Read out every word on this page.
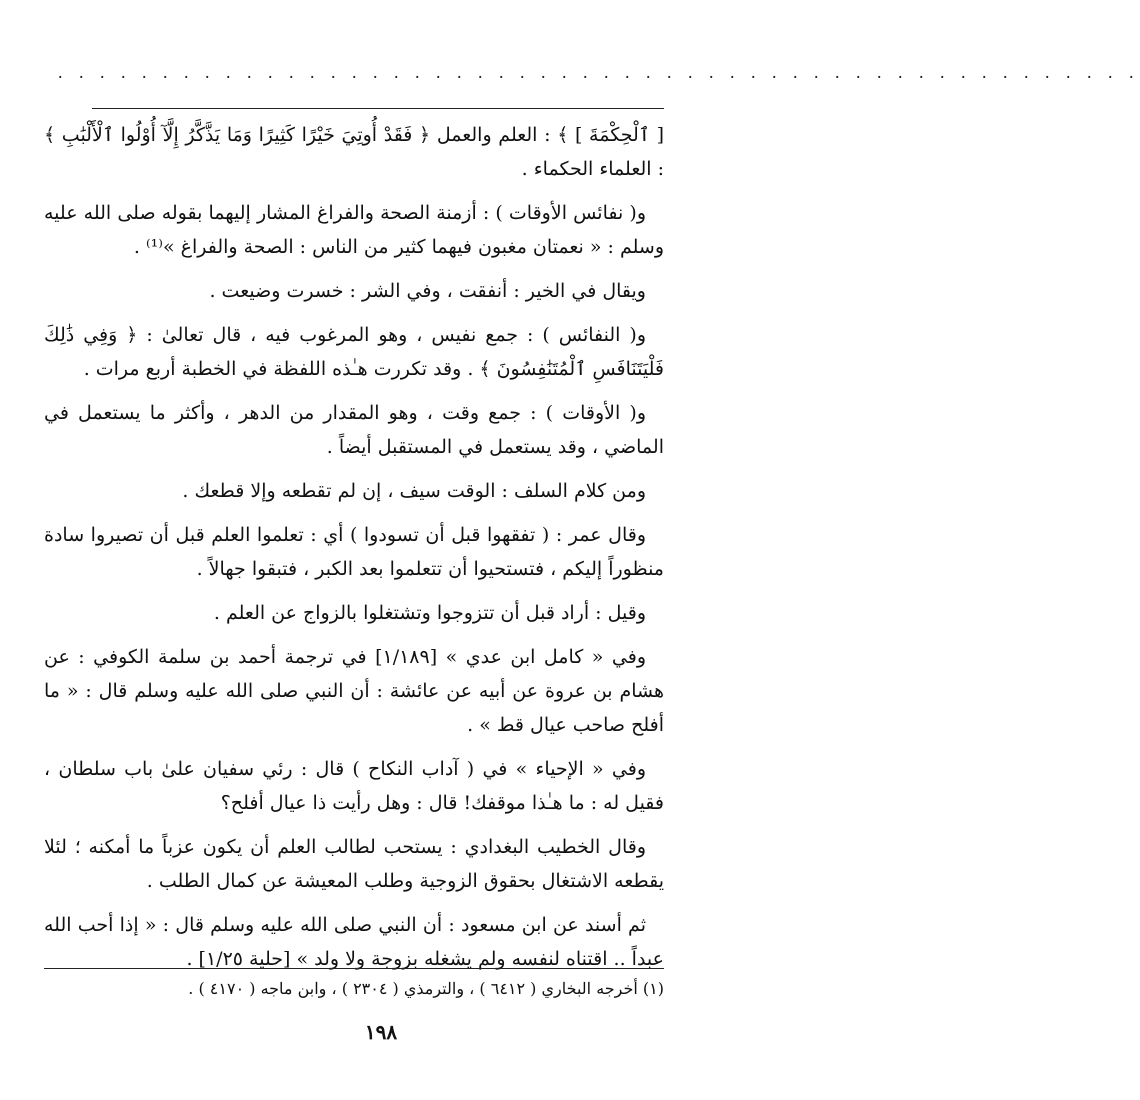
. . . . . . . . . . . . . . . . . . . . . . . . . . . . . . . . . . . . . . . . . . . . . . . . . . . .

[ ٱلْحِكْمَةَ ] ﴾ : العلم والعمل ﴿ فَقَدْ أُوتِيَ خَيْرًا كَثِيرًا وَمَا يَذَّكَّرُ إِلَّآ أُوْلُوا ٱلْأَلْبَٰبِ ﴾ : العلماء الحكماء .

و( نفائس الأوقات ) : أزمنة الصحة والفراغ المشار إليهما بقوله صلى الله عليه وسلم : « نعمتان مغبون فيهما كثير من الناس : الصحة والفراغ »⁽¹⁾ .

ويقال في الخير : أنفقت ، وفي الشر : خسرت وضيعت .

و( النفائس ) : جمع نفيس ، وهو المرغوب فيه ، قال تعالىٰ : ﴿ وَفِي ذَٰلِكَ فَلْيَتَنَافَسِ ٱلْمُتَنَٰفِسُونَ ﴾ . وقد تكررت هـٰذه اللفظة في الخطبة أربع مرات .

و( الأوقات ) : جمع وقت ، وهو المقدار من الدهر ، وأكثر ما يستعمل في الماضي ، وقد يستعمل في المستقبل أيضاً .

ومن كلام السلف : الوقت سيف ، إن لم تقطعه وإلا قطعك .

وقال عمر : ( تفقهوا قبل أن تسودوا ) أي : تعلموا العلم قبل أن تصيروا سادة منظوراً إليكم ، فتستحيوا أن تتعلموا بعد الكبر ، فتبقوا جهالاً .

وقيل : أراد قبل أن تتزوجوا وتشتغلوا بالزواج عن العلم .

وفي « كامل ابن عدي » [١/١٨٩] في ترجمة أحمد بن سلمة الكوفي : عن هشام بن عروة عن أبيه عن عائشة : أن النبي صلى الله عليه وسلم قال : « ما أفلح صاحب عيال قط » .

وفي « الإحياء » في ( آداب النكاح ) قال : رئي سفيان علىٰ باب سلطان ، فقيل له : ما هـٰذا موقفك! قال : وهل رأيت ذا عيال أفلح؟

وقال الخطيب البغدادي : يستحب لطالب العلم أن يكون عزباً ما أمكنه ؛ لئلا يقطعه الاشتغال بحقوق الزوجية وطلب المعيشة عن كمال الطلب .

ثم أسند عن ابن مسعود : أن النبي صلى الله عليه وسلم قال : « إذا أحب الله عبداً .. اقتناه لنفسه ولم يشغله بزوجة ولا ولد » [حلية ١/٢٥] .

(١) أخرجه البخاري ( ٦٤١٢ ) ، والترمذي ( ٢٣٠٤ ) ، وابن ماجه ( ٤١٧٠ ) .
١٩٨
